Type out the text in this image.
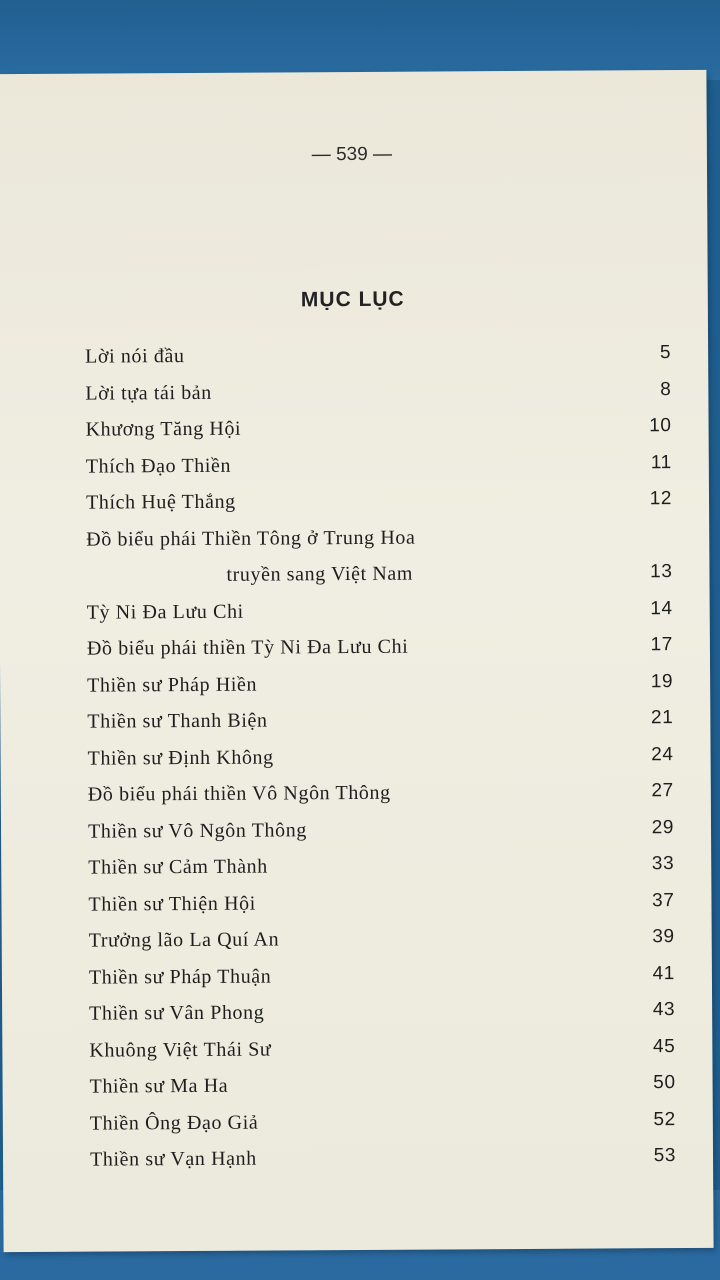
— 539 —
MỤC LỤC
Lời nói đầu	5
Lời tựa tái bản	8
Khương Tăng Hội	10
Thích Đạo Thiền	11
Thích Huệ Thắng	12
Đồ biểu phái Thiền Tông ở Trung Hoa
truyền sang Việt Nam	13
Tỳ Ni Đa Lưu Chi	14
Đồ biểu phái thiền Tỳ Ni Đa Lưu Chi	17
Thiền sư Pháp Hiền	19
Thiền sư Thanh Biện	21
Thiền sư Định Không	24
Đồ biểu phái thiền Vô Ngôn Thông	27
Thiền sư Vô Ngôn Thông	29
Thiền sư Cảm Thành	33
Thiền sư Thiện Hội	37
Trưởng lão La Quí An	39
Thiền sư Pháp Thuận	41
Thiền sư Vân Phong	43
Khuông Việt Thái Sư	45
Thiền sư Ma Ha	50
Thiền Ông Đạo Giả	52
Thiền sư Vạn Hạnh	53
